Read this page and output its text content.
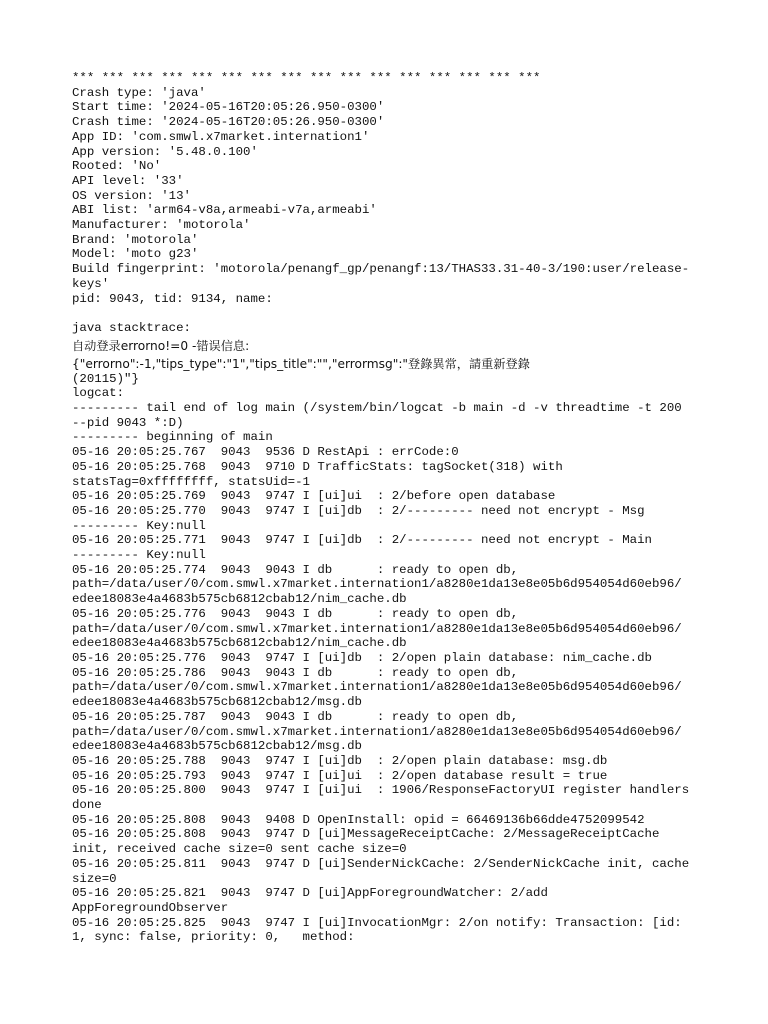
*** *** *** *** *** *** *** *** *** *** *** *** *** *** *** ***
Crash type: 'java'
Start time: '2024-05-16T20:05:26.950-0300'
Crash time: '2024-05-16T20:05:26.950-0300'
App ID: 'com.smwl.x7market.internation1'
App version: '5.48.0.100'
Rooted: 'No'
API level: '33'
OS version: '13'
ABI list: 'arm64-v8a,armeabi-v7a,armeabi'
Manufacturer: 'motorola'
Brand: 'motorola'
Model: 'moto g23'
Build fingerprint: 'motorola/penangf_gp/penangf:13/THAS33.31-40-3/190:user/release-
keys'
pid: 9043, tid: 9134, name:
java stacktrace:
自动登录errorno!=0 -错误信息:
{"errorno":-1,"tips_type":"1","tips_title":"","errormsg":"登錄異常，請重新登錄
(20115)"}
logcat:
--------- tail end of log main (/system/bin/logcat -b main -d -v threadtime -t 200
--pid 9043 *:D)
--------- beginning of main
05-16 20:05:25.767  9043  9536 D RestApi : errCode:0
05-16 20:05:25.768  9043  9710 D TrafficStats: tagSocket(318) with
statsTag=0xffffffff, statsUid=-1
05-16 20:05:25.769  9043  9747 I [ui]ui  : 2/before open database
05-16 20:05:25.770  9043  9747 I [ui]db  : 2/--------- need not encrypt - Msg
--------- Key:null
05-16 20:05:25.771  9043  9747 I [ui]db  : 2/--------- need not encrypt - Main
--------- Key:null
05-16 20:05:25.774  9043  9043 I db      : ready to open db,
path=/data/user/0/com.smwl.x7market.internation1/a8280e1da13e8e05b6d954054d60eb96/
edee18083e4a4683b575cb6812cbab12/nim_cache.db
05-16 20:05:25.776  9043  9043 I db      : ready to open db,
path=/data/user/0/com.smwl.x7market.internation1/a8280e1da13e8e05b6d954054d60eb96/
edee18083e4a4683b575cb6812cbab12/nim_cache.db
05-16 20:05:25.776  9043  9747 I [ui]db  : 2/open plain database: nim_cache.db
05-16 20:05:25.786  9043  9043 I db      : ready to open db,
path=/data/user/0/com.smwl.x7market.internation1/a8280e1da13e8e05b6d954054d60eb96/
edee18083e4a4683b575cb6812cbab12/msg.db
05-16 20:05:25.787  9043  9043 I db      : ready to open db,
path=/data/user/0/com.smwl.x7market.internation1/a8280e1da13e8e05b6d954054d60eb96/
edee18083e4a4683b575cb6812cbab12/msg.db
05-16 20:05:25.788  9043  9747 I [ui]db  : 2/open plain database: msg.db
05-16 20:05:25.793  9043  9747 I [ui]ui  : 2/open database result = true
05-16 20:05:25.800  9043  9747 I [ui]ui  : 1906/ResponseFactoryUI register handlers
done
05-16 20:05:25.808  9043  9408 D OpenInstall: opid = 66469136b66dde4752099542
05-16 20:05:25.808  9043  9747 D [ui]MessageReceiptCache: 2/MessageReceiptCache
init, received cache size=0 sent cache size=0
05-16 20:05:25.811  9043  9747 D [ui]SenderNickCache: 2/SenderNickCache init, cache
size=0
05-16 20:05:25.821  9043  9747 D [ui]AppForegroundWatcher: 2/add
AppForegroundObserver
05-16 20:05:25.825  9043  9747 I [ui]InvocationMgr: 2/on notify: Transaction: [id:
1, sync: false, priority: 0,   method:
